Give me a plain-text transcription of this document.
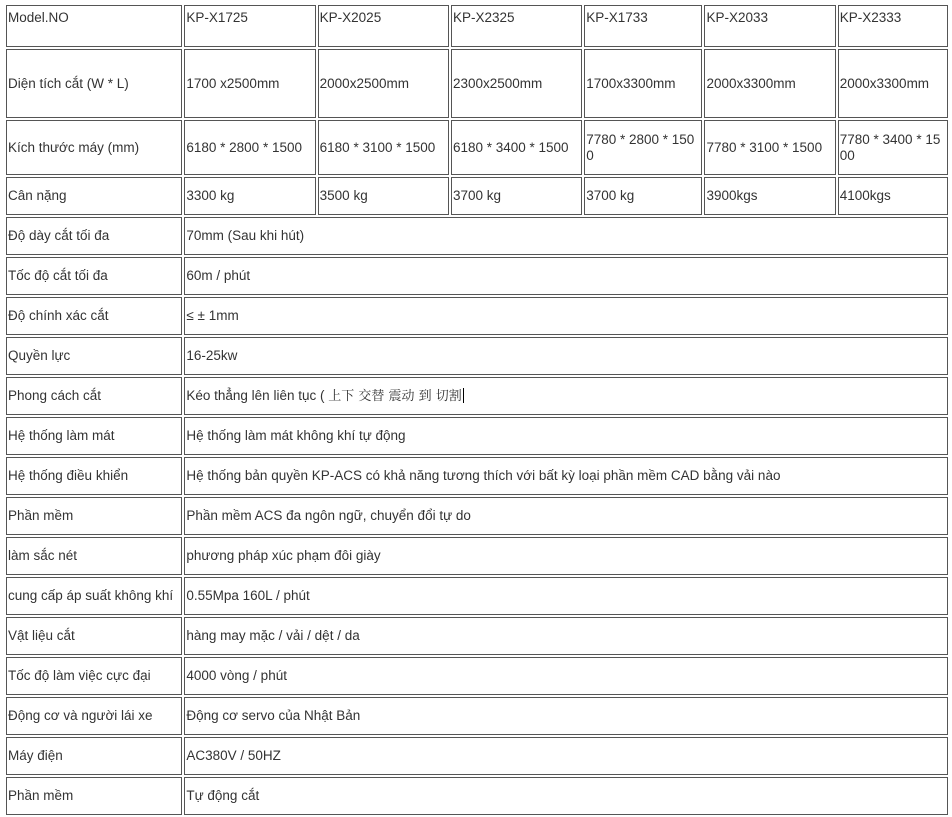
Model.NO	KP-X1725	KP-X2025	KP-X2325	KP-X1733	KP-X2033	KP-X2333
Diện tích cắt (W * L)	1700 x2500mm	2000x2500mm	2300x2500mm	1700x3300mm	2000x3300mm	2000x3300mm
Kích thước máy (mm)	6180 * 2800 * 1500	6180 * 3100 * 1500	6180 * 3400 * 1500	7780 * 2800 * 1500	7780 * 3100 * 1500	7780 * 3400 * 1500
Cân nặng	3300 kg	3500 kg	3700 kg	3700 kg	3900kgs	4100kgs
Độ dày cắt tối đa	70mm (Sau khi hút)					
Tốc độ cắt tối đa	60m / phút					
Độ chính xác cắt	≤ ± 1mm					
Quyền lực	16-25kw					
Phong cách cắt	Kéo thẳng lên liên tục ( 上下 交替 震动 到 切割					
Hệ thống làm mát	Hệ thống làm mát không khí tự động					
Hệ thống điều khiển	Hệ thống bản quyền KP-ACS có khả năng tương thích với bất kỳ loại phần mềm CAD bằng vải nào					
Phần mềm	Phần mềm ACS đa ngôn ngữ, chuyển đổi tự do					
làm sắc nét	phương pháp xúc phạm đôi giày					
cung cấp áp suất không khí	0.55Mpa 160L / phút					
Vật liệu cắt	hàng may mặc / vải / dệt / da					
Tốc độ làm việc cực đại	4000 vòng / phút					
Động cơ và người lái xe	Động cơ servo của Nhật Bản					
Máy điện	AC380V / 50HZ					
Phần mềm	Tự động cắt					
